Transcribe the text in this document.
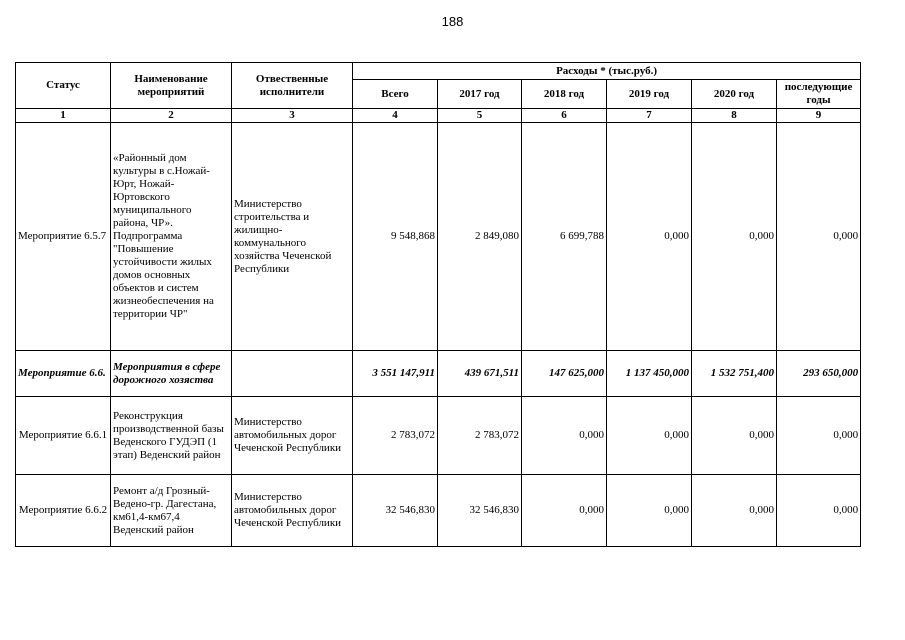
188
Статус	Наименование мероприятий	Отвественные исполнители	Расходы * (тыс.руб.)					
			Всего	2017 год	2018 год	2019 год	2020 год	последующие годы
1	2	3	4	5	6	7	8	9
Мероприятие 6.5.7	«Районный дом культуры в с.Ножай-Юрт, Ножай-Юртовского муниципального района, ЧР». Подпрограмма "Повышение устойчивости жилых домов основных объектов и систем жизнеобеспечения на территории ЧР"	Министерство строительства и жилищно-коммунального хозяйства Чеченской Республики	9 548,868	2 849,080	6 699,788	0,000	0,000	0,000
Мероприятие 6.6.	Мероприятия в сфере дорожного хозяства		3 551 147,911	439 671,511	147 625,000	1 137 450,000	1 532 751,400	293 650,000
Мероприятие 6.6.1	Реконструкция производственной базы Веденского ГУДЭП (1 этап) Веденский район	Министерство автомобильных дорог Чеченской Республики	2 783,072	2 783,072	0,000	0,000	0,000	0,000
Мероприятие 6.6.2	Ремонт а/д Грозный-Ведено-гр. Дагестана, км61,4-км67,4 Веденский район	Министерство автомобильных дорог Чеченской Республики	32 546,830	32 546,830	0,000	0,000	0,000	0,000
